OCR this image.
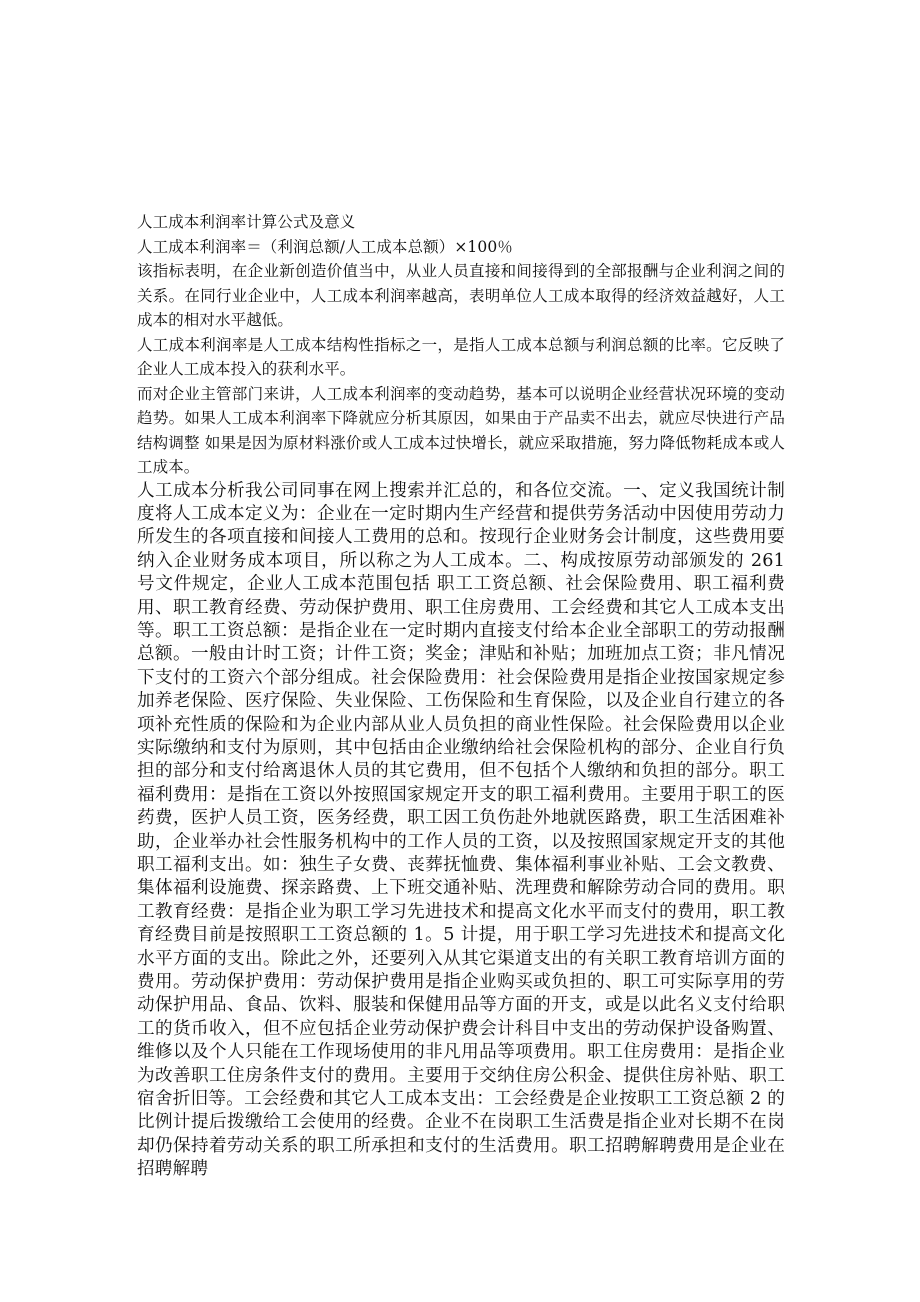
人工成本利润率计算公式及意义

人工成本利润率＝（利润总额/人工成本总额）×100％

该指标表明，在企业新创造价值当中，从业人员直接和间接得到的全部报酬与企业利润之间的关系。在同行业企业中，人工成本利润率越高，表明单位人工成本取得的经济效益越好，人工成本的相对水平越低。

人工成本利润率是人工成本结构性指标之一，是指人工成本总额与利润总额的比率。它反映了企业人工成本投入的获利水平。

而对企业主管部门来讲，人工成本利润率的变动趋势，基本可以说明企业经营状况环境的变动趋势。如果人工成本利润率下降就应分析其原因，如果由于产品卖不出去，就应尽快进行产品结构调整 如果是因为原材料涨价或人工成本过快增长，就应采取措施，努力降低物耗成本或人工成本。

人工成本分析我公司同事在网上搜索并汇总的，和各位交流。一、定义我国统计制度将人工成本定义为：企业在一定时期内生产经营和提供劳务活动中因使用劳动力所发生的各项直接和间接人工费用的总和。按现行企业财务会计制度，这些费用要纳入企业财务成本项目，所以称之为人工成本。二、构成按原劳动部颁发的 261 号文件规定，企业人工成本范围包括 职工工资总额、社会保险费用、职工福利费用、职工教育经费、劳动保护费用、职工住房费用、工会经费和其它人工成本支出等。职工工资总额：是指企业在一定时期内直接支付给本企业全部职工的劳动报酬总额。一般由计时工资；计件工资；奖金；津贴和补贴；加班加点工资；非凡情况下支付的工资六个部分组成。社会保险费用：社会保险费用是指企业按国家规定参加养老保险、医疗保险、失业保险、工伤保险和生育保险，以及企业自行建立的各项补充性质的保险和为企业内部从业人员负担的商业性保险。社会保险费用以企业实际缴纳和支付为原则，其中包括由企业缴纳给社会保险机构的部分、企业自行负担的部分和支付给离退休人员的其它费用，但不包括个人缴纳和负担的部分。职工福利费用：是指在工资以外按照国家规定开支的职工福利费用。主要用于职工的医药费，医护人员工资，医务经费，职工因工负伤赴外地就医路费，职工生活困难补助，企业举办社会性服务机构中的工作人员的工资，以及按照国家规定开支的其他职工福利支出。如：独生子女费、丧葬抚恤费、集体福利事业补贴、工会文教费、集体福利设施费、探亲路费、上下班交通补贴、洗理费和解除劳动合同的费用。职工教育经费：是指企业为职工学习先进技术和提高文化水平而支付的费用，职工教育经费目前是按照职工工资总额的 1。5 计提，用于职工学习先进技术和提高文化水平方面的支出。除此之外，还要列入从其它渠道支出的有关职工教育培训方面的费用。劳动保护费用：劳动保护费用是指企业购买或负担的、职工可实际享用的劳动保护用品、食品、饮料、服装和保健用品等方面的开支，或是以此名义支付给职工的货币收入，但不应包括企业劳动保护费会计科目中支出的劳动保护设备购置、维修以及个人只能在工作现场使用的非凡用品等项费用。职工住房费用：是指企业为改善职工住房条件支付的费用。主要用于交纳住房公积金、提供住房补贴、职工宿舍折旧等。工会经费和其它人工成本支出：工会经费是企业按职工工资总额 2 的比例计提后拨缴给工会使用的经费。企业不在岗职工生活费是指企业对长期不在岗却仍保持着劳动关系的职工所承担和支付的生活费用。职工招聘解聘费用是企业在招聘解聘
